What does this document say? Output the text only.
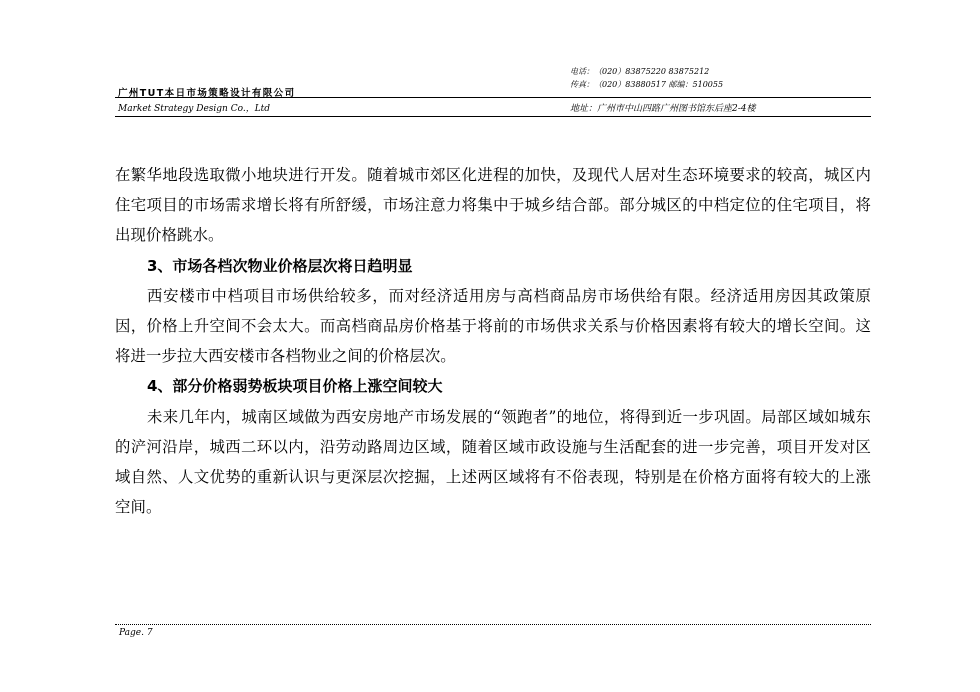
电话：（020）83875220 83875212
传真：（020）83880517 邮编：510055
广州TUT本日市场策略设计有限公司
Market Strategy Design Co.，Ltd	地址：广州市中山四路广州图书馆东后座2-4楼

在繁华地段选取微小地块进行开发。随着城市郊区化进程的加快，及现代人居对生态环境要求的较高，城区内住宅项目的市场需求增长将有所舒缓，市场注意力将集中于城乡结合部。部分城区的中档定位的住宅项目，将出现价格跳水。

3、市场各档次物业价格层次将日趋明显

西安楼市中档项目市场供给较多，而对经济适用房与高档商品房市场供给有限。经济适用房因其政策原因，价格上升空间不会太大。而高档商品房价格基于将前的市场供求关系与价格因素将有较大的增长空间。这将进一步拉大西安楼市各档物业之间的价格层次。

4、部分价格弱势板块项目价格上涨空间较大

未来几年内，城南区域做为西安房地产市场发展的“领跑者”的地位，将得到近一步巩固。局部区域如城东的浐河沿岸，城西二环以内，沿劳动路周边区域，随着区域市政设施与生活配套的进一步完善，项目开发对区域自然、人文优势的重新认识与更深层次挖掘，上述两区域将有不俗表现，特别是在价格方面将有较大的上涨空间。

Page. 7
